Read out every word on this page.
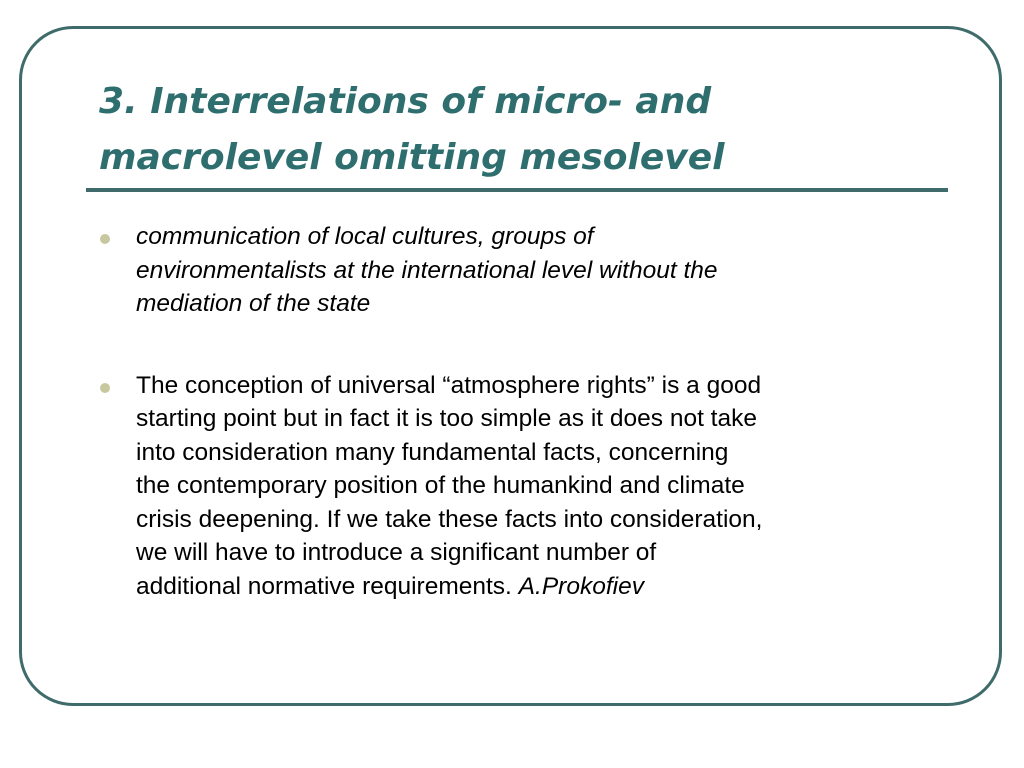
3. Interrelations of micro- and
macrolevel omitting mesolevel
communication of local cultures, groups of
environmentalists at the international level without the
mediation of the state
The conception of universal “atmosphere rights” is a good
starting point but in fact it is too simple as it does not take
into consideration many fundamental facts, concerning
the contemporary position of the humankind and climate
crisis deepening. If we take these facts into consideration,
we will have to introduce a significant number of
additional normative requirements. A.Prokofiev
